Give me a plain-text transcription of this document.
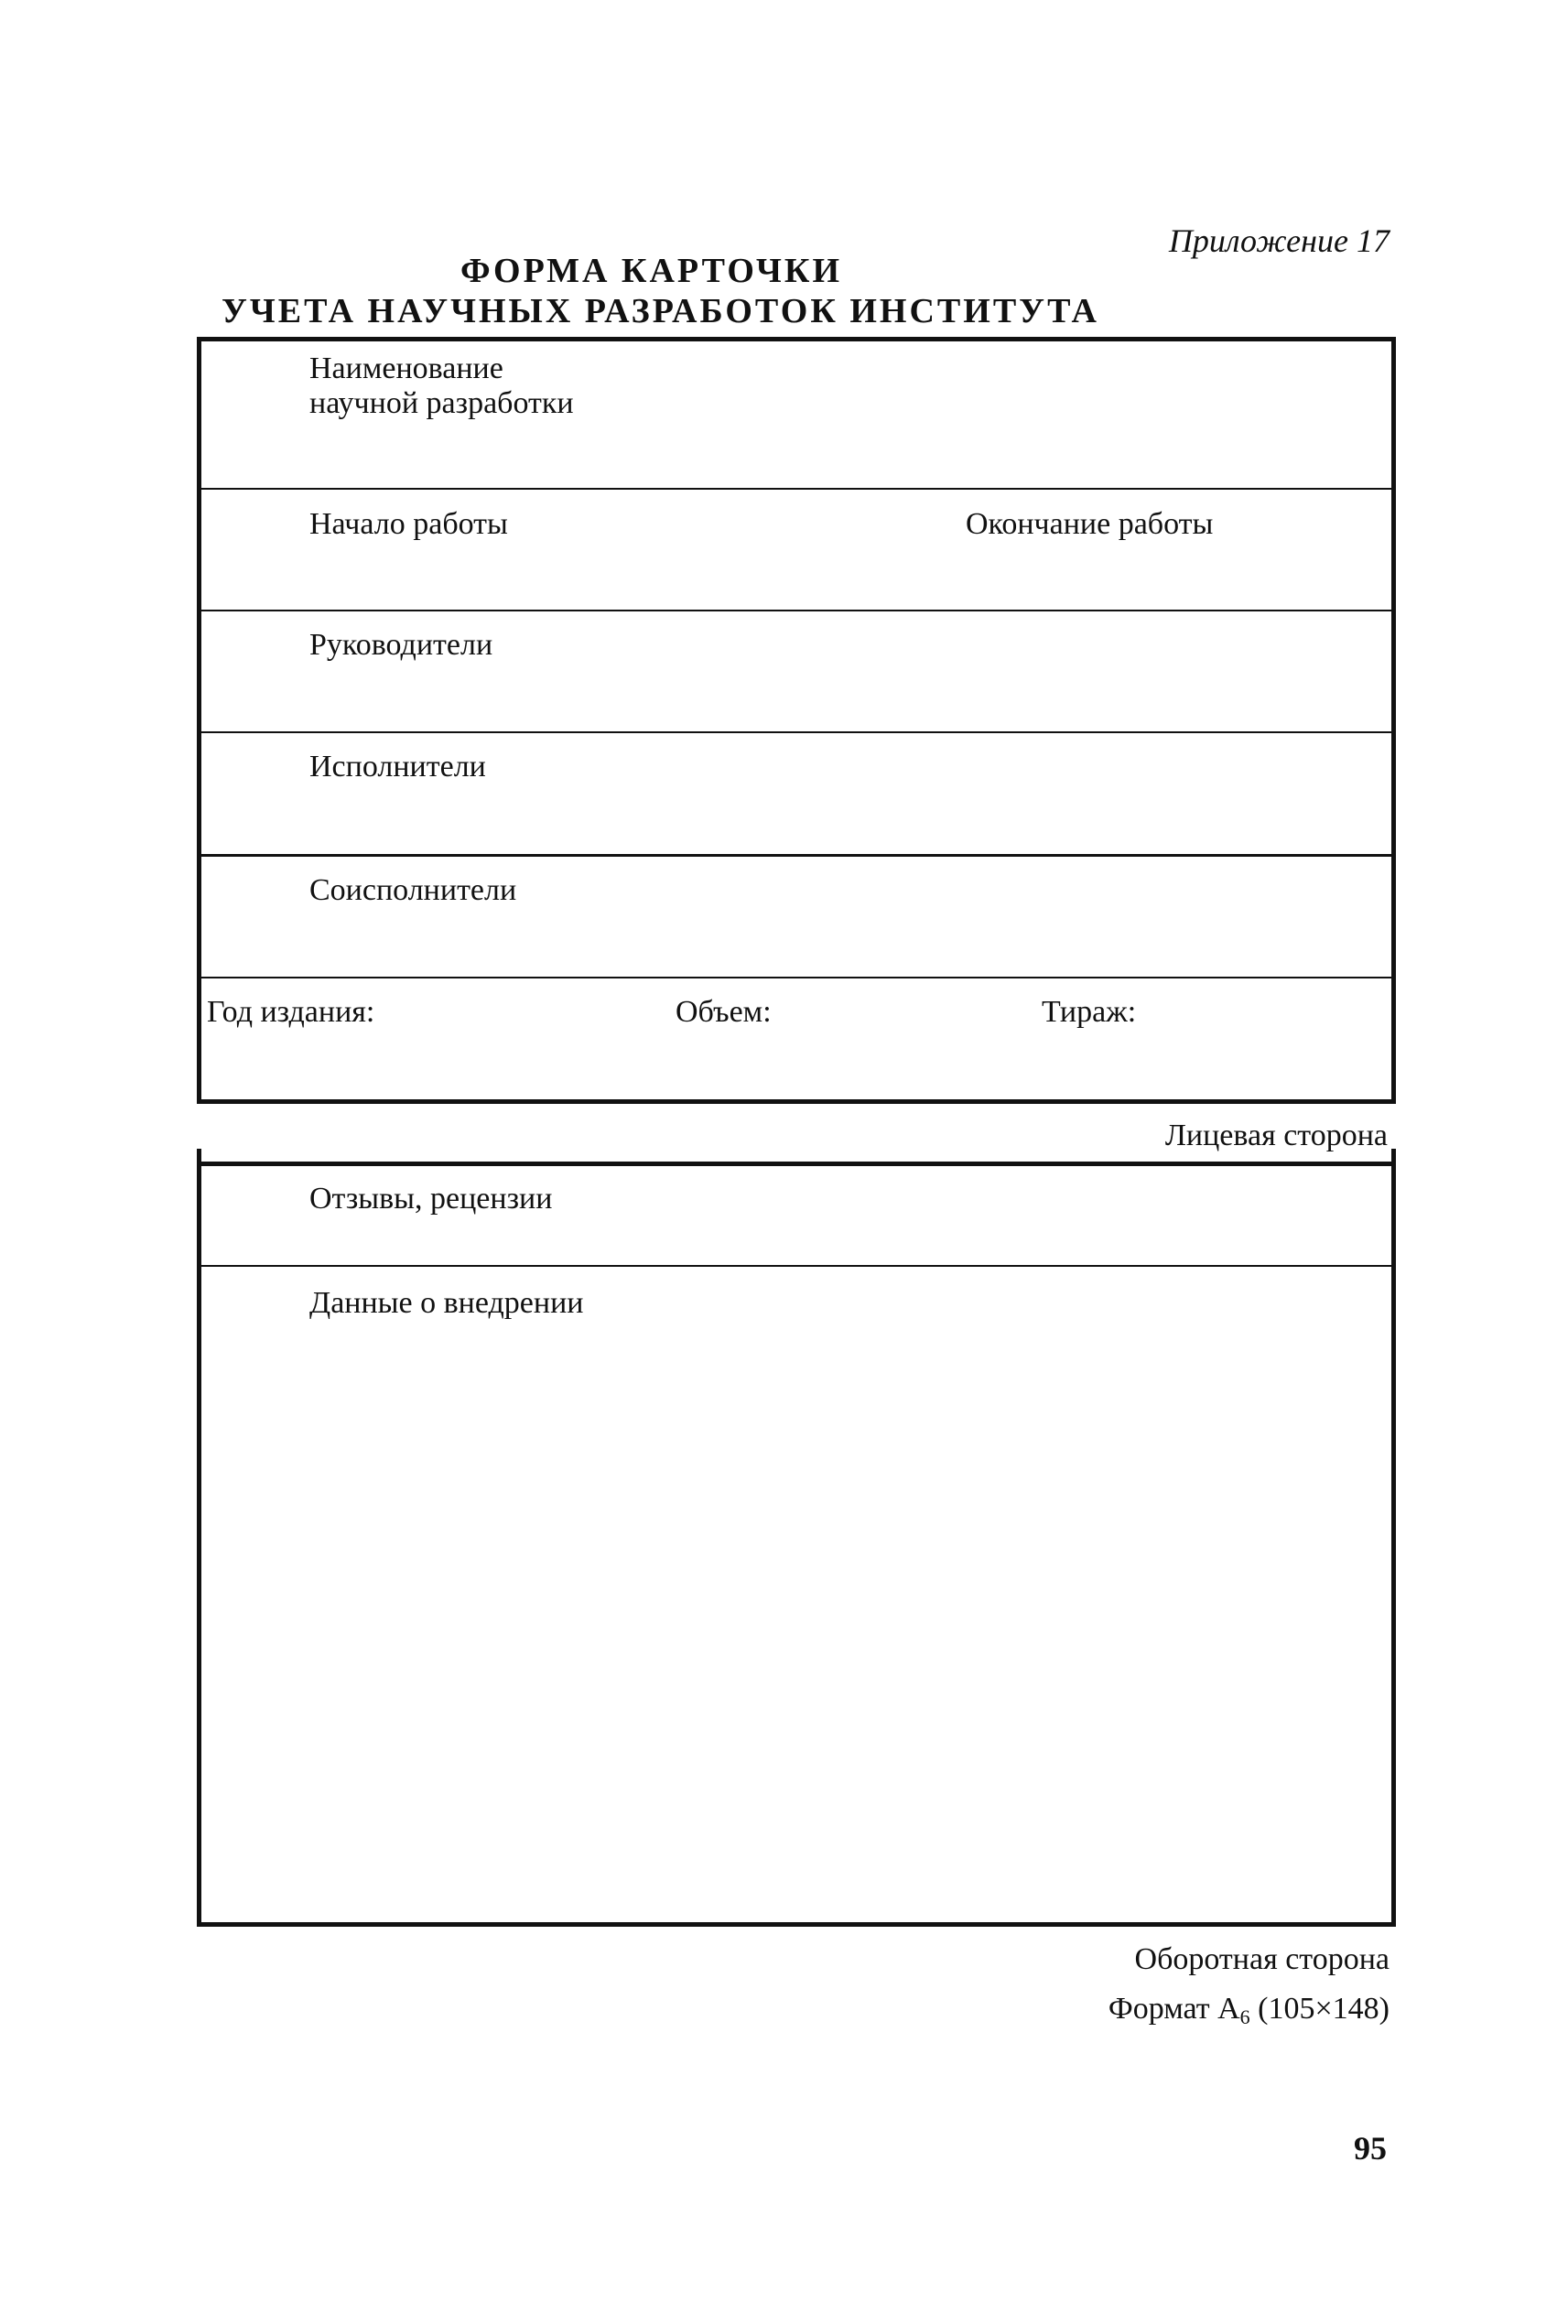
Приложение 17
ФОРМА КАРТОЧКИ
УЧЕТА НАУЧНЫХ РАЗРАБОТОК ИНСТИТУТА
Наименование
научной разработки
Начало работы	Окончание работы
Руководители
Исполнители
Соисполнители
Год издания:	Объем:	Тираж:
Лицевая сторона
Отзывы, рецензии
Данные о внедрении
Оборотная сторона
Формат $А_6$ (105×148)
95
